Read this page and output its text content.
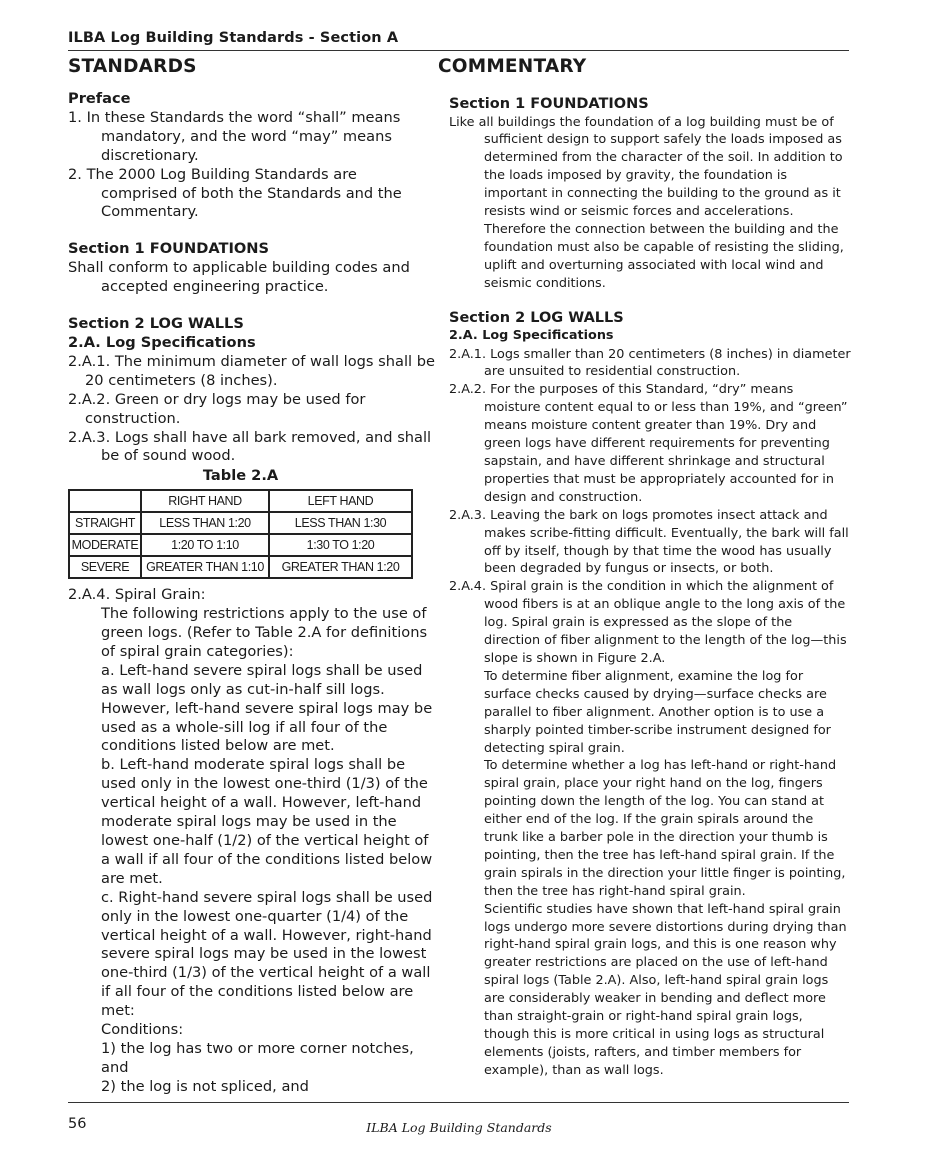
ILBA Log Building Standards - Section A
STANDARDS	COMMENTARY
Preface

1. In these Standards the word “shall” means mandatory, and the word “may” means discretionary.

2. The 2000 Log Building Standards are comprised of both the Standards and the Commentary.

Section 1 FOUNDATIONS

Shall conform to applicable building codes and accepted engineering practice.

Section 2 LOG WALLS
2.A. Log Specifications

2.A.1. The minimum diameter of wall logs shall be 20 centimeters (8 inches).

2.A.2. Green or dry logs may be used for construction.

2.A.3. Logs shall have all bark removed, and shall be of sound wood.

Table 2.A
	RIGHT HAND	LEFT HAND
STRAIGHT	LESS THAN 1:20	LESS THAN 1:30
MODERATE	1:20 TO 1:10	1:30 TO 1:20
SEVERE	GREATER THAN 1:10	GREATER THAN 1:20

2.A.4. Spiral Grain:

The following restrictions apply to the use of green logs. (Refer to Table 2.A for definitions of spiral grain categories):

a. Left-hand severe spiral logs shall be used as wall logs only as cut-in-half sill logs. However, left-hand severe spiral logs may be used as a whole-sill log if all four of the conditions listed below are met.

b. Left-hand moderate spiral logs shall be used only in the lowest one-third (1/3) of the vertical height of a wall. However, left-hand moderate spiral logs may be used in the lowest one-half (1/2) of the vertical height of a wall if all four of the conditions listed below are met.

c. Right-hand severe spiral logs shall be used only in the lowest one-quarter (1/4) of the vertical height of a wall. However, right-hand severe spiral logs may be used in the lowest one-third (1/3) of the vertical height of a wall if all four of the conditions listed below are met:

Conditions:

1) the log has two or more corner notches, and

2) the log is not spliced, and

Section 1 FOUNDATIONS

Like all buildings the foundation of a log building must be of sufficient design to support safely the loads imposed as determined from the character of the soil. In addition to the loads imposed by gravity, the foundation is important in connecting the building to the ground as it resists wind or seismic forces and accelerations. Therefore the connection between the building and the foundation must also be capable of resisting the sliding, uplift and overturning associated with local wind and seismic conditions.

Section 2 LOG WALLS
2.A. Log Specifications

2.A.1. Logs smaller than 20 centimeters (8 inches) in diameter are unsuited to residential construction.

2.A.2. For the purposes of this Standard, “dry” means moisture content equal to or less than 19%, and “green” means moisture content greater than 19%. Dry and green logs have different requirements for preventing sapstain, and have different shrinkage and structural properties that must be appropriately accounted for in design and construction.

2.A.3. Leaving the bark on logs promotes insect attack and makes scribe-fitting difficult. Eventually, the bark will fall off by itself, though by that time the wood has usually been degraded by fungus or insects, or both.

2.A.4. Spiral grain is the condition in which the alignment of wood fibers is at an oblique angle to the long axis of the log. Spiral grain is expressed as the slope of the direction of fiber alignment to the length of the log—this slope is shown in Figure 2.A.

To determine fiber alignment, examine the log for surface checks caused by drying—surface checks are parallel to fiber alignment. Another option is to use a sharply pointed timber-scribe instrument designed for detecting spiral grain.

To determine whether a log has left-hand or right-hand spiral grain, place your right hand on the log, fingers pointing down the length of the log. You can stand at either end of the log. If the grain spirals around the trunk like a barber pole in the direction your thumb is pointing, then the tree has left-hand spiral grain. If the grain spirals in the direction your little finger is pointing, then the tree has right-hand spiral grain.

Scientific studies have shown that left-hand spiral grain logs undergo more severe distortions during drying than right-hand spiral grain logs, and this is one reason why greater restrictions are placed on the use of left-hand spiral logs (Table 2.A). Also, left-hand spiral grain logs are considerably weaker in bending and deflect more than straight-grain or right-hand spiral grain logs, though this is more critical in using logs as structural elements (joists, rafters, and timber members for example), than as wall logs.

56	ILBA Log Building Standards
